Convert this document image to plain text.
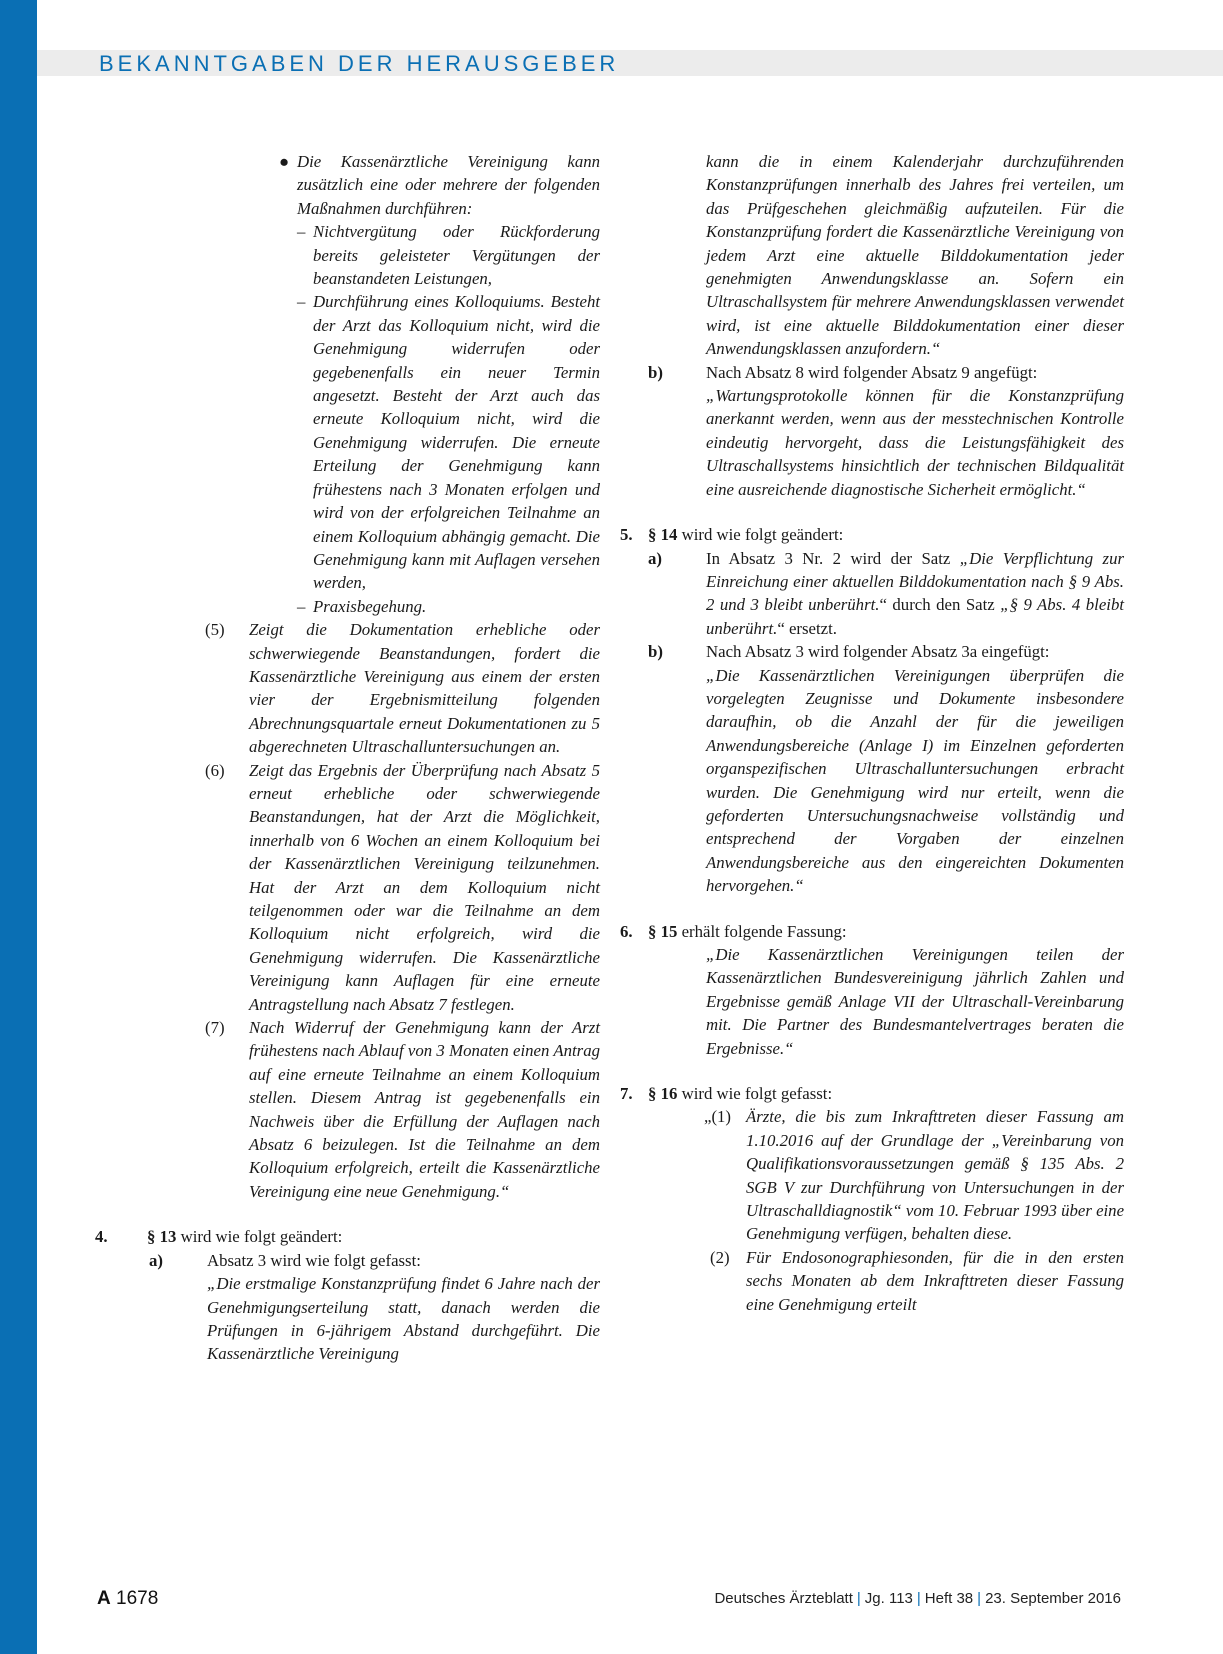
BEKANNTGABEN DER HERAUSGEBER

● Die Kassenärztliche Vereinigung kann zusätzlich eine oder mehrere der folgenden Maßnahmen durchführen:

– Nichtvergütung oder Rückforderung bereits geleisteter Vergütungen der beanstandeten Leistungen,

– Durchführung eines Kolloquiums. Besteht der Arzt das Kolloquium nicht, wird die Genehmigung widerrufen oder gegebenenfalls ein neuer Termin angesetzt. Besteht der Arzt auch das erneute Kolloquium nicht, wird die Genehmigung widerrufen. Die erneute Erteilung der Genehmigung kann frühestens nach 3 Monaten erfolgen und wird von der erfolgreichen Teilnahme an einem Kolloquium abhängig gemacht. Die Genehmigung kann mit Auflagen versehen werden,

– Praxisbegehung.

(5) Zeigt die Dokumentation erhebliche oder schwerwiegende Beanstandungen, fordert die Kassenärztliche Vereinigung aus einem der ersten vier der Ergebnismitteilung folgenden Abrechnungsquartale erneut Dokumentationen zu 5 abgerechneten Ultraschalluntersuchungen an.

(6) Zeigt das Ergebnis der Überprüfung nach Absatz 5 erneut erhebliche oder schwerwiegende Beanstandungen, hat der Arzt die Möglichkeit, innerhalb von 6 Wochen an einem Kolloquium bei der Kassenärztlichen Vereinigung teilzunehmen. Hat der Arzt an dem Kolloquium nicht teilgenommen oder war die Teilnahme an dem Kolloquium nicht erfolgreich, wird die Genehmigung widerrufen. Die Kassenärztliche Vereinigung kann Auflagen für eine erneute Antragstellung nach Absatz 7 festlegen.

(7) Nach Widerruf der Genehmigung kann der Arzt frühestens nach Ablauf von 3 Monaten einen Antrag auf eine erneute Teilnahme an einem Kolloquium stellen. Diesem Antrag ist gegebenenfalls ein Nachweis über die Erfüllung der Auflagen nach Absatz 6 beizulegen. Ist die Teilnahme an dem Kolloquium erfolgreich, erteilt die Kassenärztliche Vereinigung eine neue Genehmigung.“

4. § 13 wird wie folgt geändert:

a)	Absatz 3 wird wie folgt gefasst:

„Die erstmalige Konstanzprüfung findet 6 Jahre nach der Genehmigungserteilung statt, danach werden die Prüfungen in 6-jährigem Abstand durchgeführt. Die Kassenärztliche Vereinigung

kann die in einem Kalenderjahr durchzuführenden Konstanzprüfungen innerhalb des Jahres frei verteilen, um das Prüfgeschehen gleichmäßig aufzuteilen. Für die Konstanzprüfung fordert die Kassenärztliche Vereinigung von jedem Arzt eine aktuelle Bilddokumentation jeder genehmigten Anwendungsklasse an. Sofern ein Ultraschallsystem für mehrere Anwendungsklassen verwendet wird, ist eine aktuelle Bilddokumentation einer dieser Anwendungsklassen anzufordern.“

b)	Nach Absatz 8 wird folgender Absatz 9 angefügt:

„Wartungsprotokolle können für die Konstanzprüfung anerkannt werden, wenn aus der messtechnischen Kontrolle eindeutig hervorgeht, dass die Leistungsfähigkeit des Ultraschallsystems hinsichtlich der technischen Bildqualität eine ausreichende diagnostische Sicherheit ermöglicht.“

5. § 14 wird wie folgt geändert:

a)	In Absatz 3 Nr. 2 wird der Satz „Die Verpflichtung zur Einreichung einer aktuellen Bilddokumentation nach § 9 Abs. 2 und 3 bleibt unberührt.“ durch den Satz „§ 9 Abs. 4 bleibt unberührt.“ ersetzt.

b)	Nach Absatz 3 wird folgender Absatz 3a eingefügt:

„Die Kassenärztlichen Vereinigungen überprüfen die vorgelegten Zeugnisse und Dokumente insbesondere daraufhin, ob die Anzahl der für die jeweiligen Anwendungsbereiche (Anlage I) im Einzelnen geforderten organspezifischen Ultraschalluntersuchungen erbracht wurden. Die Genehmigung wird nur erteilt, wenn die geforderten Untersuchungsnachweise vollständig und entsprechend der Vorgaben der einzelnen Anwendungsbereiche aus den eingereichten Dokumenten hervorgehen.“

6. § 15 erhält folgende Fassung:

„Die Kassenärztlichen Vereinigungen teilen der Kassenärztlichen Bundesvereinigung jährlich Zahlen und Ergebnisse gemäß Anlage VII der Ultraschall-Vereinbarung mit. Die Partner des Bundesmantelvertrages beraten die Ergebnisse.“

7. § 16 wird wie folgt gefasst:

„(1) Ärzte, die bis zum Inkrafttreten dieser Fassung am 1.10.2016 auf der Grundlage der „Vereinbarung von Qualifikationsvoraussetzungen gemäß § 135 Abs. 2 SGB V zur Durchführung von Untersuchungen in der Ultraschalldiagnostik“ vom 10. Februar 1993 über eine Genehmigung verfügen, behalten diese.

(2) Für Endosonographiesonden, für die in den ersten sechs Monaten ab dem Inkrafttreten dieser Fassung eine Genehmigung erteilt

A 1678	Deutsches Ärzteblatt | Jg. 113 | Heft 38 | 23. September 2016
